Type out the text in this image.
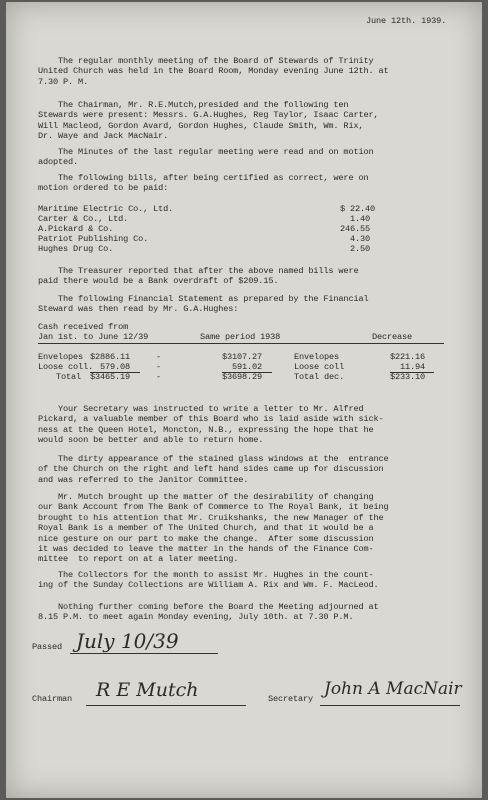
June 12th. 1939.
The regular monthly meeting of the Board of Stewards of Trinity
United Church was held in the Board Room, Monday evening June 12th. at
7.30 P. M.
The Chairman, Mr. R.E.Mutch,presided and the following ten
Stewards were present: Messrs. G.A.Hughes, Reg Taylor, Isaac Carter,
Will Macleod, Gordon Avard, Gordon Hughes, Claude Smith, Wm. Rix,
Dr. Waye and Jack MacNair.
The Minutes of the last regular meeting were read and on motion
adopted.
The following bills, after being certified as correct, were on
motion ordered to be paid:
Maritime Electric Co., Ltd.	$ 22.40
Carter & Co., Ltd.	1.40
A.Pickard & Co.	246.55
Patriot Publishing Co.	4.30
Hughes Drug Co.	2.50
The Treasurer reported that after the above named bills were
paid there would be a Bank overdraft of $209.15.
The following Financial Statement as prepared by the Financial
Steward was then read by Mr. G.A.Hughes:
Cash received from
Jan 1st. to June 12/39	Same period 1938	Decrease
Envelopes $2886.11	-	$3107.27	Envelopes	$221.16
Loose coll. 579.08	-	591.02	Loose coll	11.94
Total $3465.19	-	$3698.29	Total dec.	$233.10
Your Secretary was instructed to write a letter to Mr. Alfred
Pickard, a valuable member of this Board who is laid aside with sick-
ness at the Queen Hotel, Moncton, N.B., expressing the hope that he
would soon be better and able to return home.
The dirty appearance of the stained glass windows at the  entrance
of the Church on the right and left hand sides came up for discussion
and was referred to the Janitor Committee.
Mr. Mutch brought up the matter of the desirability of changing
our Bank Account from The Bank of Commerce to The Royal Bank, it being
brought to his attention that Mr. Cruikshanks, the new Manager of the
Royal Bank is a member of The United Church, and that it would be a
nice gesture on our part to make the change.  After some discussion
it was decided to leave the matter in the hands of the Finance Com-
mittee  to report on at a later meeting.
The Collectors for the month to assist Mr. Hughes in the count-
ing of the Sunday Collections are William A. Rix and Wm. F. MacLeod.
Nothing further coming before the Board the Meeting adjourned at
8.15 P.M. to meet again Monday evening, July 10th. at 7.30 P.M.
Passed July 10/39
Chairman R E Mutch	Secretary John A MacNair
